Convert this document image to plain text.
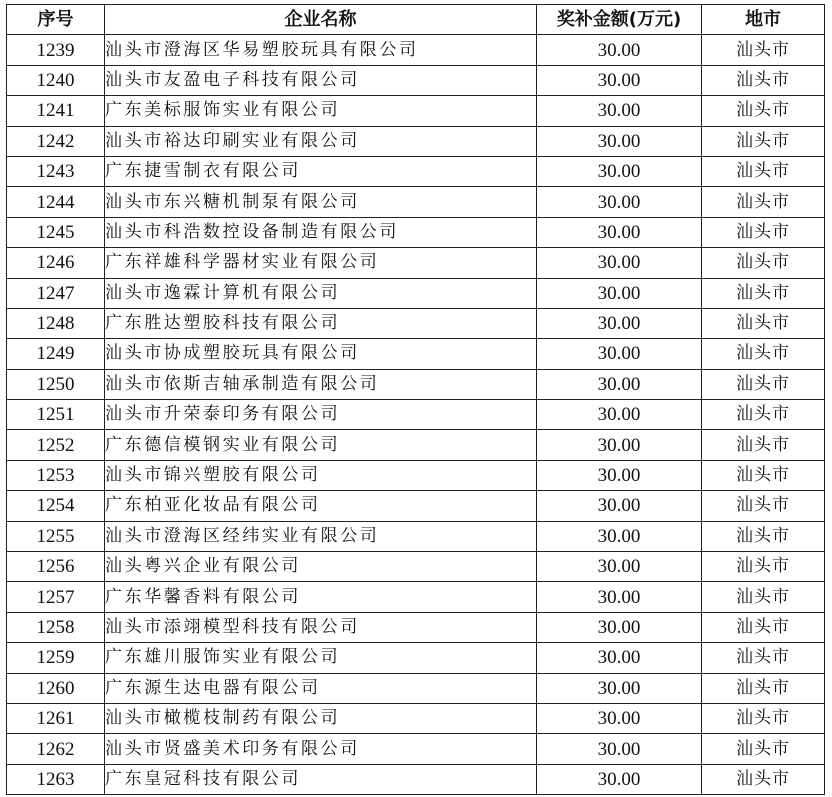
序号	企业名称	奖补金额(万元)	地市
1239	汕头市澄海区华易塑胶玩具有限公司	30.00	汕头市
1240	汕头市友盈电子科技有限公司	30.00	汕头市
1241	广东美标服饰实业有限公司	30.00	汕头市
1242	汕头市裕达印刷实业有限公司	30.00	汕头市
1243	广东捷雪制衣有限公司	30.00	汕头市
1244	汕头市东兴糖机制泵有限公司	30.00	汕头市
1245	汕头市科浩数控设备制造有限公司	30.00	汕头市
1246	广东祥雄科学器材实业有限公司	30.00	汕头市
1247	汕头市逸霖计算机有限公司	30.00	汕头市
1248	广东胜达塑胶科技有限公司	30.00	汕头市
1249	汕头市协成塑胶玩具有限公司	30.00	汕头市
1250	汕头市依斯吉轴承制造有限公司	30.00	汕头市
1251	汕头市升荣泰印务有限公司	30.00	汕头市
1252	广东德信模钢实业有限公司	30.00	汕头市
1253	汕头市锦兴塑胶有限公司	30.00	汕头市
1254	广东柏亚化妆品有限公司	30.00	汕头市
1255	汕头市澄海区经纬实业有限公司	30.00	汕头市
1256	汕头粤兴企业有限公司	30.00	汕头市
1257	广东华馨香料有限公司	30.00	汕头市
1258	汕头市添翊模型科技有限公司	30.00	汕头市
1259	广东雄川服饰实业有限公司	30.00	汕头市
1260	广东源生达电器有限公司	30.00	汕头市
1261	汕头市橄榄枝制药有限公司	30.00	汕头市
1262	汕头市贤盛美术印务有限公司	30.00	汕头市
1263	广东皇冠科技有限公司	30.00	汕头市
